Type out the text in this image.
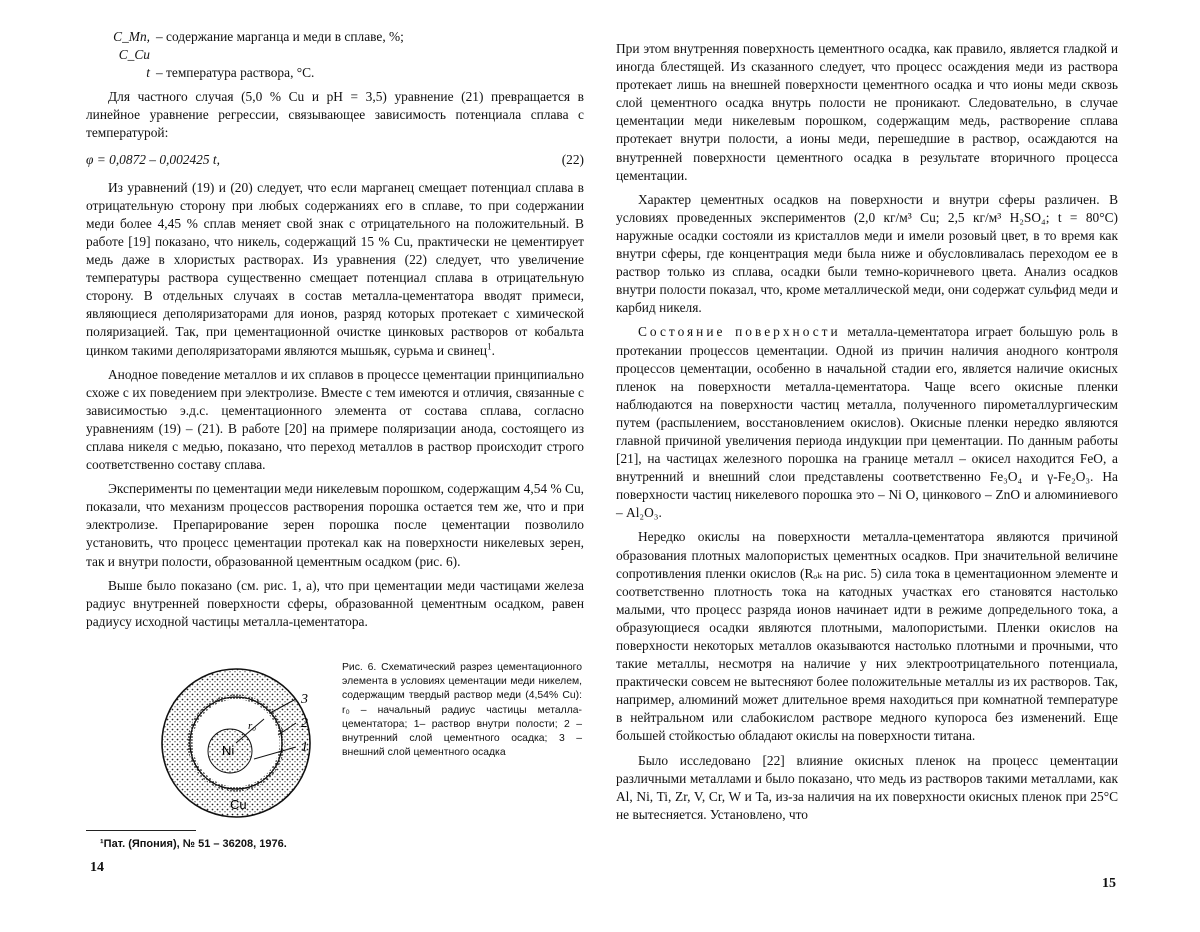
C_Mn, C_Cu
– содержание марганца и меди в сплаве, %;
t – температура раствора, °С.

Для частного случая (5,0 % Cu и pH = 3,5) уравнение (21) превращается в линейное уравнение регрессии, связывающее зависимость потенциала сплава с температурой:

φ = 0,0872 – 0,002425 t,	(22)

Из уравнений (19) и (20) следует, что если марганец смещает потенциал сплава в отрицательную сторону при любых содержаниях его в сплаве, то при содержании меди более 4,45 % сплав меняет свой знак с отрицательного на положительный. В работе [19] показано, что никель, содержащий 15 % Cu, практически не цементирует медь даже в хлористых растворах. Из уравнения (22) следует, что увеличение температуры раствора существенно смещает потенциал сплава в отрицательную сторону. В отдельных случаях в состав металла-цементатора вводят примеси, являющиеся деполяризаторами для ионов, разряд которых протекает с химической поляризацией. Так, при цементационной очистке цинковых растворов от кобальта цинком такими деполяризаторами являются мышьяк, сурьма и свинец$^1$.

Анодное поведение металлов и их сплавов в процессе цементации принципиально схоже с их поведением при электролизе. Вместе с тем имеются и отличия, связанные с зависимостью э.д.с. цементационного элемента от состава сплава, согласно уравнениям (19) – (21). В работе [20] на примере поляризации анода, состоящего из сплава никеля с медью, показано, что переход металлов в раствор происходит строго соответственно составу сплава.

Эксперименты по цементации меди никелевым порошком, содержащим 4,54 % Cu, показали, что механизм процессов растворения порошка остается тем же, что и при электролизе. Препарирование зерен порошка после цементации позволило установить, что процесс цементации протекал как на поверхности никелевых зерен, так и внутри полости, образованной цементным осадком (рис. 6).

Выше было показано (см. рис. 1, а), что при цементации меди частицами железа радиус внутренней поверхности сферы, образованной цементным осадком, равен радиусу исходной частицы металла-цементатора.

3
2
1
r₀
Ni
Cu
Рис. 6. Схематический разрез цементационного элемента в условиях цементации меди никелем, содержащим твердый раствор меди (4,54% Cu): r₀ – начальный радиус частицы металла-цементатора; 1– раствор внутри полости; 2 – внутренний слой цементного осадка; 3 – внешний слой цементного осадка
¹Пат. (Япония), № 51 – 36208, 1976.
14

При этом внутренняя поверхность цементного осадка, как правило, является гладкой и иногда блестящей. Из сказанного следует, что процесс осаждения меди из раствора протекает лишь на внешней поверхности цементного осадка и что ионы меди сквозь слой цементного осадка внутрь полости не проникают. Следовательно, в случае цементации меди никелевым порошком, содержащим медь, растворение сплава протекает внутри полости, а ионы меди, перешедшие в раствор, осаждаются на внутренней поверхности цементного осадка в результате вторичного процесса цементации.

Характер цементных осадков на поверхности и внутри сферы различен. В условиях проведенных экспериментов (2,0 кг/м³ Cu; 2,5 кг/м³ H₂SO₄; t = 80°C) наружные осадки состояли из кристаллов меди и имели розовый цвет, в то время как внутри сферы, где концентрация меди была ниже и обусловливалась переходом ее в раствор только из сплава, осадки были темно-коричневого цвета. Анализ осадков внутри полости показал, что, кроме металлической меди, они содержат сульфид меди и карбид никеля.

Состояние поверхности металла-цементатора играет большую роль в протекании процессов цементации. Одной из причин наличия анодного контроля процессов цементации, особенно в начальной стадии его, является наличие окисных пленок на поверхности металла-цементатора. Чаще всего окисные пленки наблюдаются на поверхности частиц металла, полученного пирометаллургическим путем (распылением, восстановлением окислов). Окисные пленки нередко являются главной причиной увеличения периода индукции при цементации. По данным работы [21], на частицах железного порошка на границе металл – окисел находится FeO, а внутренний и внешний слои представлены соответственно Fe₃O₄ и γ-Fe₂O₃. На поверхности частиц никелевого порошка это – Ni O, цинкового – ZnO и алюминиевого – Al₂O₃.

Нередко окислы на поверхности металла-цементатора являются причиной образования плотных малопористых цементных осадков. При значительной величине сопротивления пленки окислов (Rₒₖ на рис. 5) сила тока в цементационном элементе и соответственно плотность тока на катодных участках его становятся настолько малыми, что процесс разряда ионов начинает идти в режиме допредельного тока, а образующиеся осадки являются плотными, малопористыми. Пленки окислов на поверхности некоторых металлов оказываются настолько плотными и прочными, что такие металлы, несмотря на наличие у них электроотрицательного потенциала, практически совсем не вытесняют более положительные металлы из их растворов. Так, например, алюминий может длительное время находиться при комнатной температуре в нейтральном или слабокислом растворе медного купороса без изменений. Еще большей стойкостью обладают окислы на поверхности титана.

Было исследовано [22] влияние окисных пленок на процесс цементации различными металлами и было показано, что медь из растворов такими металлами, как Al, Ni, Ti, Zr, V, Cr, W и Ta, из-за наличия на их поверхности окисных пленок при 25°C не вытесняется. Установлено, что

15
